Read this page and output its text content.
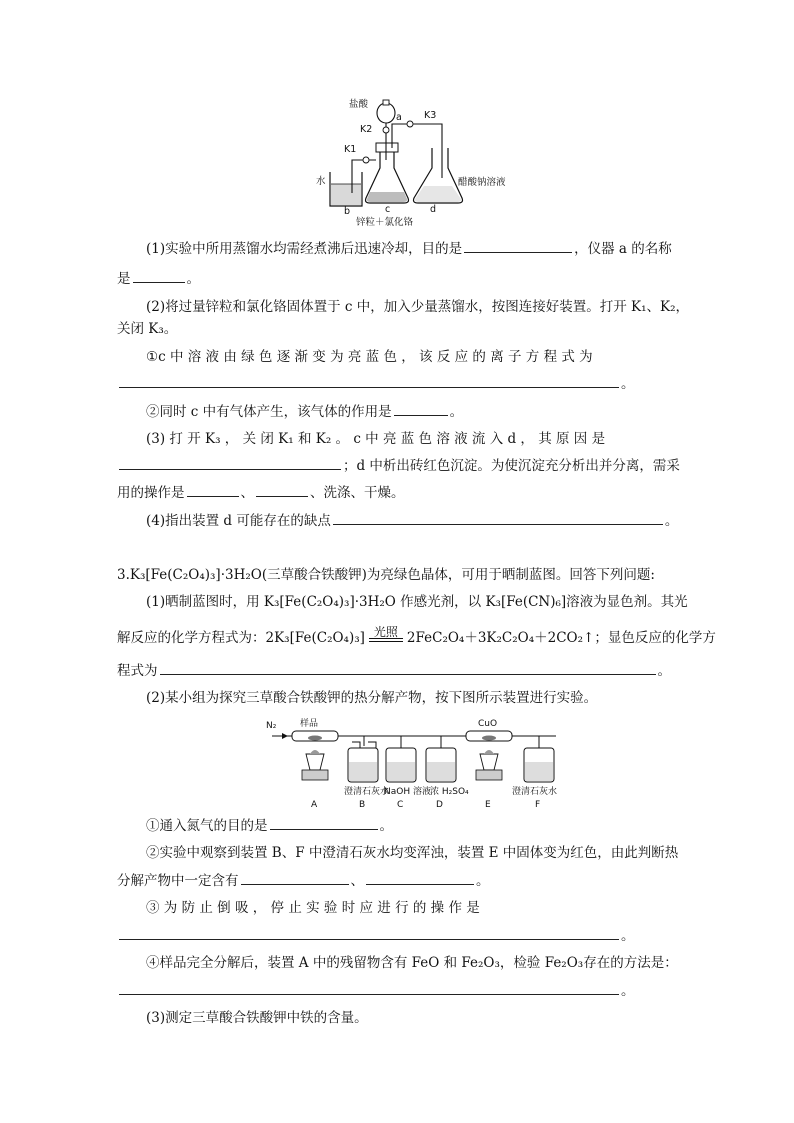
盐酸
a K3
K2
K1
水
b	c	d
锌粒＋氯化铬
醋酸钠溶液
(1)实验中所用蒸馏水均需经煮沸后迅速冷却，目的是	，仪器 a 的名称
是	。
(2)将过量锌粒和氯化铬固体置于 c 中，加入少量蒸馏水，按图连接好装置。打开 K₁、K₂，
关闭 K₃。
①c 中 溶 液 由 绿 色 逐 渐 变 为 亮 蓝 色 ， 该 反 应 的 离 子 方 程 式 为
。
②同时 c 中有气体产生，该气体的作用是	。
(3) 打 开 K₃ ， 关 闭 K₁ 和 K₂ 。 c 中 亮 蓝 色 溶 液 流 入 d ， 其 原 因 是
；d 中析出砖红色沉淀。为使沉淀充分析出并分离，需采
用的操作是	、	、洗涤、干燥。
(4)指出装置 d 可能存在的缺点	。
3.K₃[Fe(C₂O₄)₃]·3H₂O(三草酸合铁酸钾)为亮绿色晶体，可用于晒制蓝图。回答下列问题:
(1)晒制蓝图时，用 K₃[Fe(C₂O₄)₃]·3H₂O 作感光剂，以 K₃[Fe(CN)₆]溶液为显色剂。其光
解反应的化学方程式为：2K₃[Fe(C₂O₄)₃] 光照 2FeC₂O₄＋3K₂C₂O₄＋2CO₂↑；显色反应的化学方
程式为	。
(2)某小组为探究三草酸合铁酸钾的热分解产物，按下图所示装置进行实验。
N₂	样品	CuO
澄清石灰水
NaOH 溶液 浓 H₂SO₄	澄清石灰水
A	B	C	D	E	F
①通入氮气的目的是	。
②实验中观察到装置 B、F 中澄清石灰水均变浑浊，装置 E 中固体变为红色，由此判断热
分解产物中一定含有	、	。
③ 为 防 止 倒 吸 ， 停 止 实 验 时 应 进 行 的 操 作 是
。
④样品完全分解后，装置 A 中的残留物含有 FeO 和 Fe₂O₃，检验 Fe₂O₃存在的方法是：
。
(3)测定三草酸合铁酸钾中铁的含量。
